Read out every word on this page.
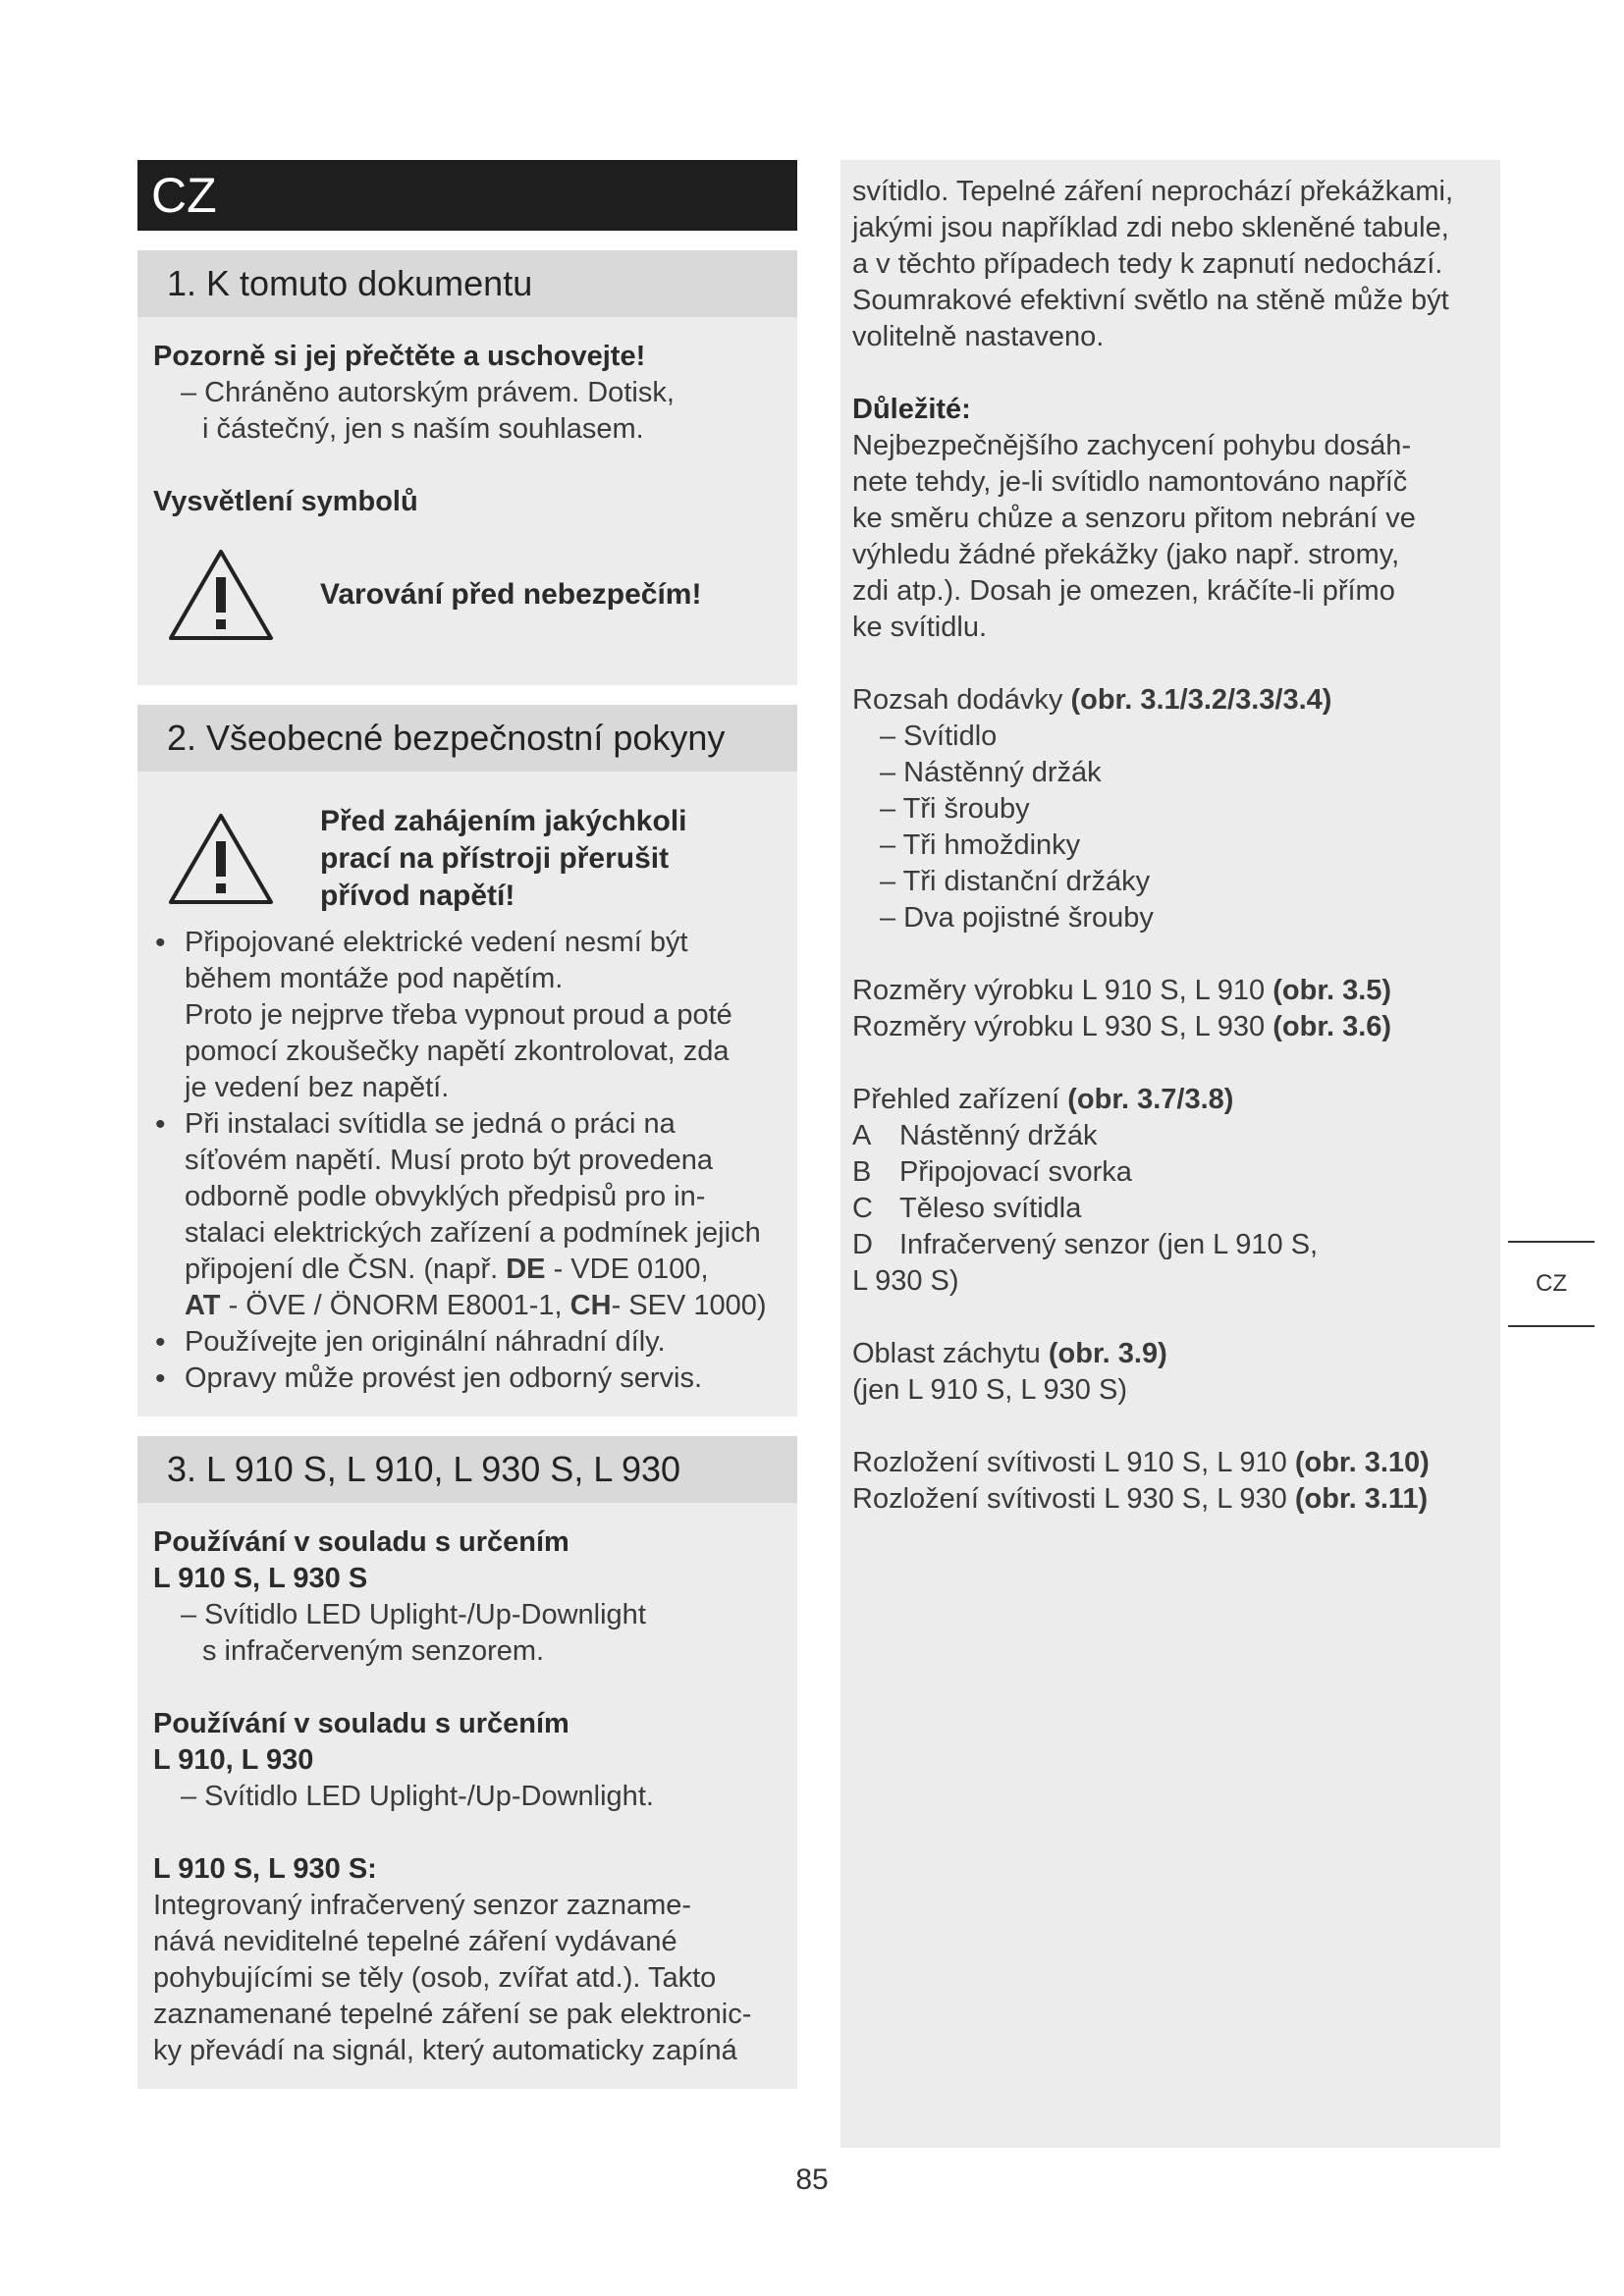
CZ
1. K tomuto dokumentu

Pozorně si jej přečtěte a uschovejte!

– Chráněno autorským právem. Dotisk,

i částečný, jen s naším souhlasem.

Vysvětlení symbolů

Varování před nebezpečím!
2. Všeobecné bezpečnostní pokyny
Před zahájením jakýchkoli
prací na přístroji přerušit
přívod napětí!
• Připojované elektrické vedení nesmí být
během montáže pod napětím.
Proto je nejprve třeba vypnout proud a poté
pomocí zkoušečky napětí zkontrolovat, zda
je vedení bez napětí.
• Při instalaci svítidla se jedná o práci na
síťovém napětí. Musí proto být provedena
odborně podle obvyklých předpisů pro in-
stalaci elektrických zařízení a podmínek jejich
připojení dle ČSN. (např. DE - VDE 0100,
AT - ÖVE / ÖNORM E8001-1, CH- SEV 1000)
• Používejte jen originální náhradní díly.
• Opravy může provést jen odborný servis.
3. L 910 S, L 910, L 930 S, L 930

Používání v souladu s určením

L 910 S, L 930 S

– Svítidlo LED Uplight-/Up-Downlight

s infračerveným senzorem.

Používání v souladu s určením

L 910, L 930

– Svítidlo LED Uplight-/Up-Downlight.

L 910 S, L 930 S:

Integrovaný infračervený senzor zazname-

nává neviditelné tepelné záření vydávané

pohybujícími se těly (osob, zvířat atd.). Takto

zaznamenané tepelné záření se pak elektronic-

ky převádí na signál, který automaticky zapíná

svítidlo. Tepelné záření neprochází překážkami,

jakými jsou například zdi nebo skleněné tabule,

a v těchto případech tedy k zapnutí nedochází.

Soumrakové efektivní světlo na stěně může být

volitelně nastaveno.

Důležité:

Nejbezpečnějšího zachycení pohybu dosáh-

nete tehdy, je-li svítidlo namontováno napříč

ke směru chůze a senzoru přitom nebrání ve

výhledu žádné překážky (jako např. stromy,

zdi atp.). Dosah je omezen, kráčíte-li přímo

ke svítidlu.

Rozsah dodávky (obr. 3.1/3.2/3.3/3.4)

– Svítidlo

– Nástěnný držák

– Tři šrouby

– Tři hmoždinky

– Tři distanční držáky

– Dva pojistné šrouby

Rozměry výrobku L 910 S, L 910 (obr. 3.5)

Rozměry výrobku L 930 S, L 930 (obr. 3.6)

Přehled zařízení (obr. 3.7/3.8)

A Nástěnný držák
B Připojovací svorka
C Těleso svítidla
D Infračervený senzor (jen L 910 S,

L 930 S)

Oblast záchytu (obr. 3.9)

(jen L 910 S, L 930 S)

Rozložení svítivosti L 910 S, L 910 (obr. 3.10)

Rozložení svítivosti L 930 S, L 930 (obr. 3.11)

CZ
85
